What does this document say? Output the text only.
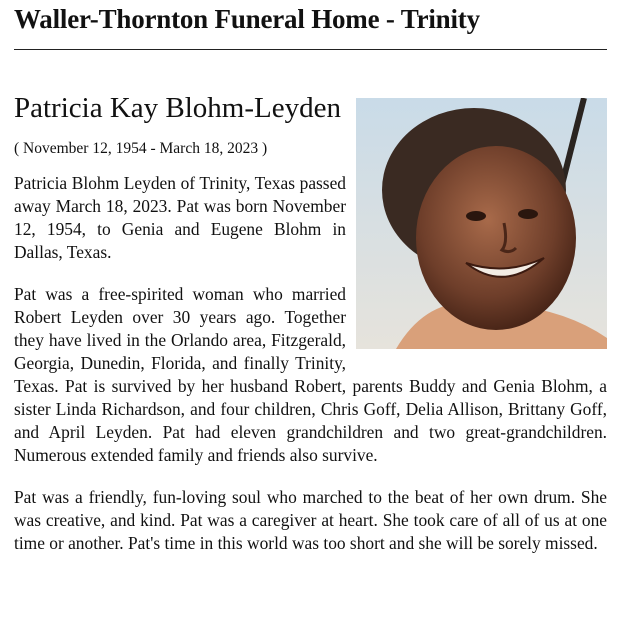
Waller-Thornton Funeral Home - Trinity
Patricia Kay Blohm-Leyden

( November 12, 1954 - March 18, 2023 )

Patricia Blohm Leyden of Trinity, Texas passed away March 18, 2023. Pat was born November 12, 1954, to Genia and Eugene Blohm in Dallas, Texas.

Pat was a free-spirited woman who married Robert Leyden over 30 years ago. Together they have lived in the Orlando area, Fitzgerald, Georgia, Dunedin, Florida, and finally Trinity, Texas. Pat is survived by her husband Robert, parents Buddy and Genia Blohm, a sister Linda Richardson, and four children, Chris Goff, Delia Allison, Brittany Goff, and April Leyden. Pat had eleven grandchildren and two great-grandchildren. Numerous extended family and friends also survive.

Pat was a friendly, fun-loving soul who marched to the beat of her own drum. She was creative, and kind. Pat was a caregiver at heart. She took care of all of us at one time or another. Pat's time in this world was too short and she will be sorely missed.
